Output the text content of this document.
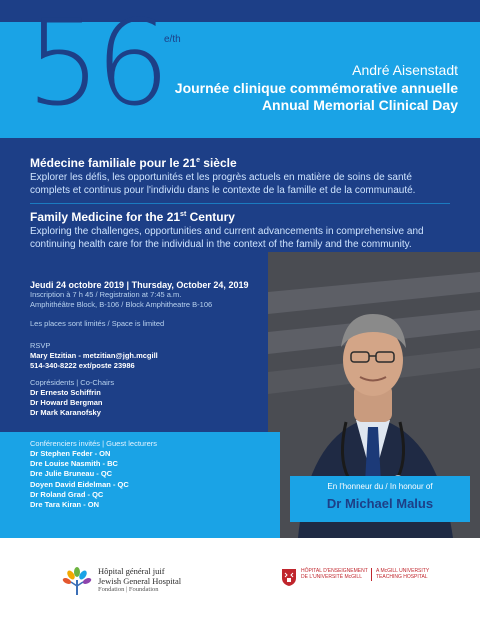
56 e/th
André Aisenstadt
Journée clinique commémorative annuelle
Annual Memorial Clinical Day
Médecine familiale pour le 21e siècle
Explorer les défis, les opportunités et les progrès actuels en matière de soins de santé complets et continus pour l'individu dans le contexte de la famille et de la communauté.
Family Medicine for the 21st Century
Exploring the challenges, opportunities and current advancements in comprehensive and continuing health care for the individual in the context of the family and the community.
Jeudi 24 octobre 2019 | Thursday, October 24, 2019
Inscription à 7 h 45 / Registration at 7:45 a.m.
Amphithéâtre Block, B-106 / Block Amphitheatre B-106
Les places sont limités / Space is limited
RSVP
Mary Etzitian - metzitian@jgh.mcgill
514-340-8222 ext/poste 23986
Coprésidents | Co-Chairs
Dr Ernesto Schiffrin
Dr Howard Bergman
Dr Mark Karanofsky
Conférenciers invités | Guest lecturers
Dr Stephen Feder - ON
Dre Louise Nasmith - BC
Dre Julie Bruneau - QC
Doyen David Eidelman - QC
Dr Roland Grad - QC
Dre Tara Kiran - ON
En l'honneur du / In honour of
Dr Michael Malus
Hôpital général juif
Jewish General Hospital
Fondation | Foundation
HÔPITAL D'ENSEIGNEMENT DE L'UNIVERSITÉ McGILLA McGILL UNIVERSITY TEACHING HOSPITAL
